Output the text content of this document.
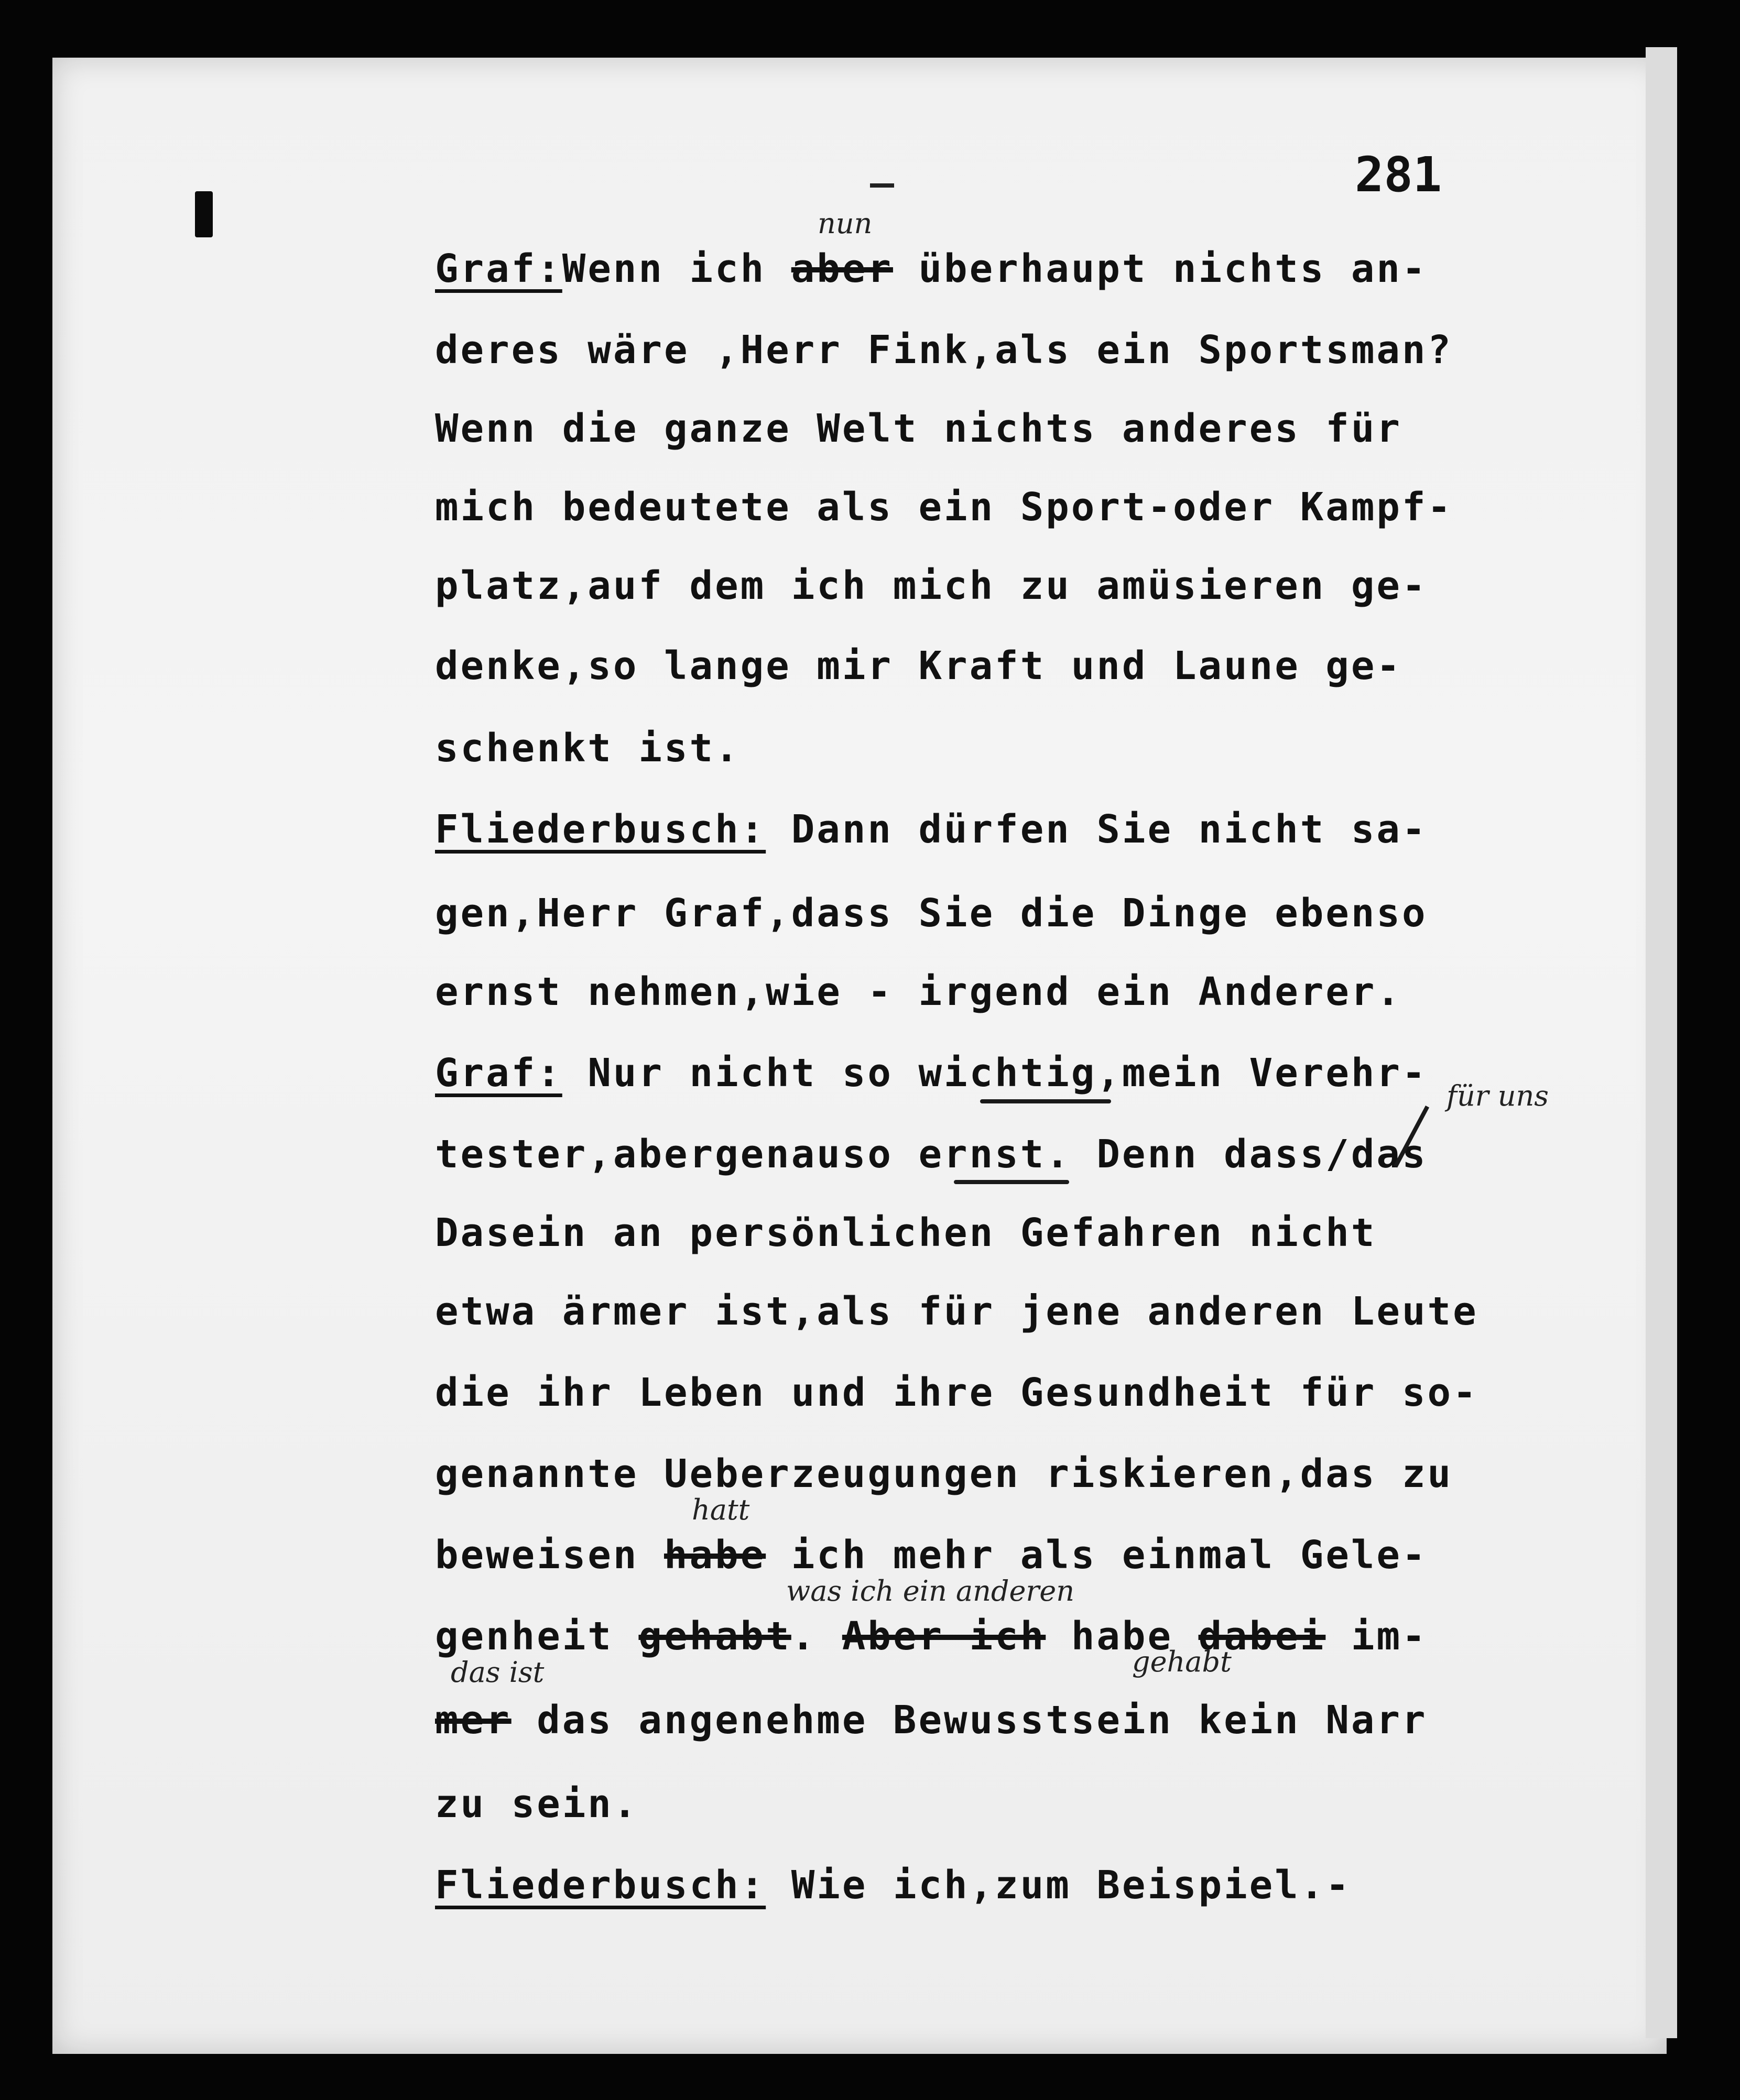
281
Graf:Wenn ich aber überhaupt nichts an-
nun
deres wäre ,Herr Fink,als ein Sportsman?
Wenn die ganze Welt nichts anderes für
mich bedeutete als ein Sport-oder Kampf-
platz,auf dem ich mich zu amüsieren ge-
denke,so lange mir Kraft und Laune ge-
schenkt ist.
Fliederbusch: Dann dürfen Sie nicht sa-
gen,Herr Graf,dass Sie die Dinge ebenso
ernst nehmen,wie - irgend ein Anderer.
Graf: Nur nicht so wichtig,mein Verehr-
tester,abergenauso ernst. Denn dass/das
für uns
Dasein an persönlichen Gefahren nicht
etwa ärmer ist,als für jene anderen Leute
die ihr Leben und ihre Gesundheit für so-
genannte Ueberzeugungen riskieren,das zu
hatt
beweisen habe ich mehr als einmal Gele-
was ich ein anderen
genheit gehabt. Aber ich habe dabei im-
das ist	gehabt
mer das angenehme Bewusstsein kein Narr
zu sein.
Fliederbusch: Wie ich,zum Beispiel.-
